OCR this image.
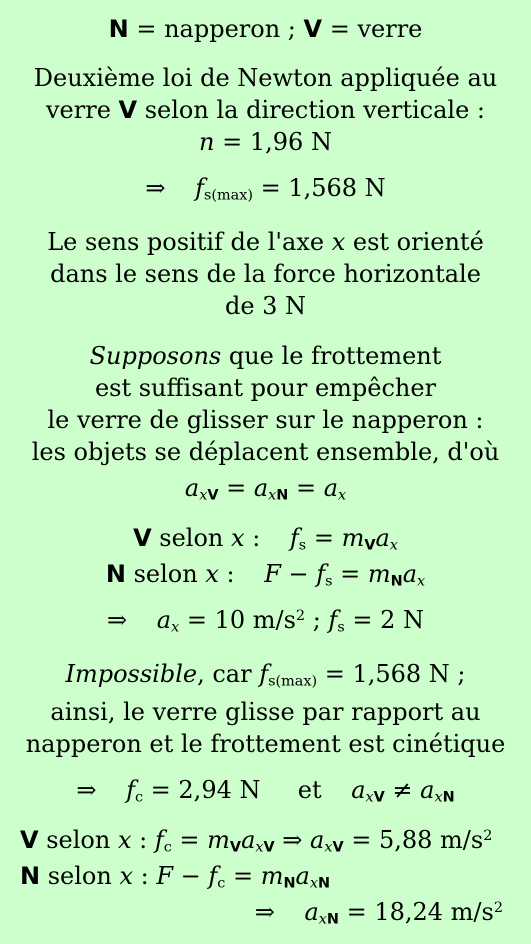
N = napperon ; V = verre
Deuxième loi de Newton appliquée au
verre V selon la direction verticale :
n = 1,96 N
⇒ $f_{s(max)} = 1,568$ N
Le sens positif de l'axe x est orienté
dans le sens de la force horizontale
de 3 N
Supposons que le frottement
est suffisant pour empêcher
le verre de glisser sur le napperon :
les objets se déplacent ensemble, d'où
$a_{xV} = a_{xN} = a_x$
V selon x : $f_s = m_Va_x$
N selon x : $F - f_s = m_Na_x$
⇒ $a_x = 10$ $m/s^2$ ; $f_s = 2$ N
Impossible, car $f_{s(max)} = 1,568$ N ;
ainsi, le verre glisse par rapport au
napperon et le frottement est cinétique
⇒ $f_c = 2,94$ N  et $a_{xV} \ne a_{xN}$
V selon x : $f_c = m_Va_{xV}$ ⇒ $a_{xV} = 5,88$ $m/s^2$
N selon x : $F - f_c = m_Na_{xN}$
⇒ $a_{xN} = 18,24$ $m/s^2$
